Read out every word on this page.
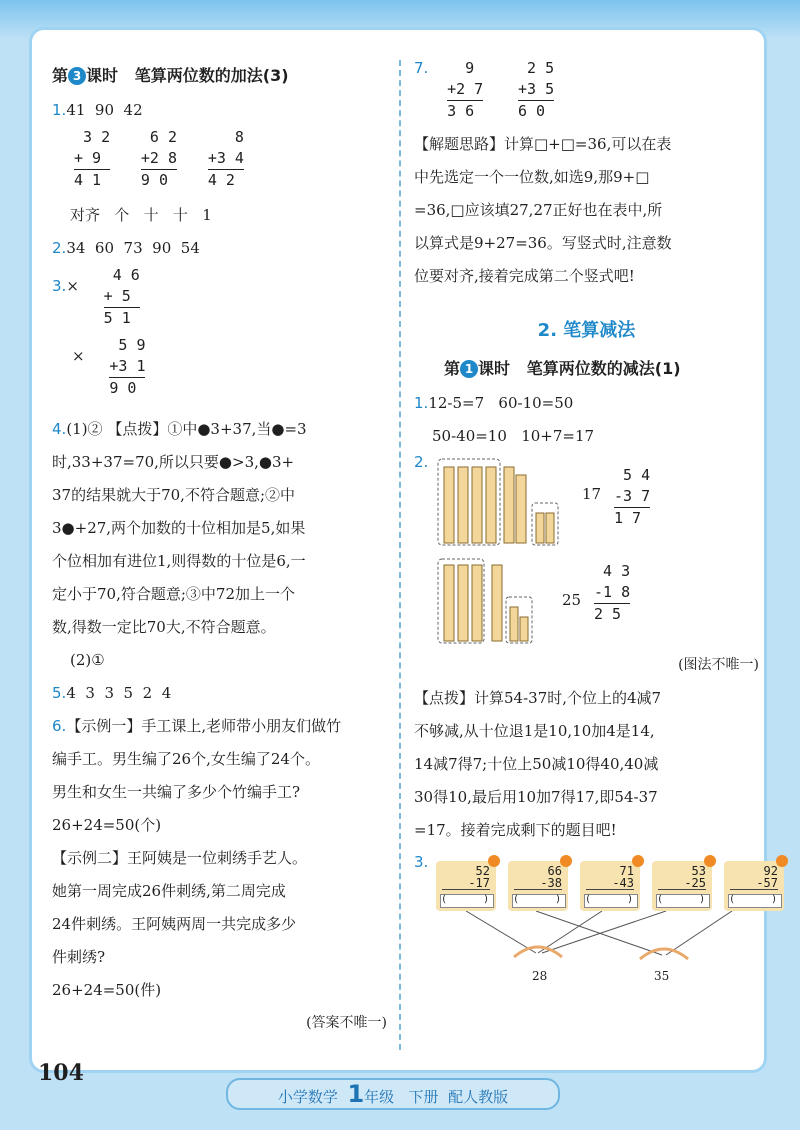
第 3 课时 笔算两位数的加法(3)
1.41  90  42
3 2
+ 9
4 1

6 2
+2 8
9 0

8
+3 4
4 2
对齐   个   十   十   1
2.34  60  73  90  54
3.×
4 6
+ 5
5 1
×
5 9
+3 1
9 0
4.(1)② 【点拨】①中●3+37,当●=3
时,33+37=70,所以只要●>3,●3+
37的结果就大于70,不符合题意;②中
3●+27,两个加数的十位相加是5,如果
个位相加有进位1,则得数的十位是6,一
定小于70,符合题意;③中72加上一个
数,得数一定比70大,不符合题意。
(2)①
5.4  3  3  5  2  4
6.【示例一】手工课上,老师带小朋友们做竹
编手工。男生编了26个,女生编了24个。
男生和女生一共编了多少个竹编手工?
26+24=50(个)
【示例二】王阿姨是一位刺绣手艺人。
她第一周完成26件刺绣,第二周完成
24件刺绣。王阿姨两周一共完成多少
件刺绣?
26+24=50(件)
(答案不唯一)
7. 9
+2 7
3 6

2 5
+3 5
6 0
【解题思路】计算□+□=36,可以在表
中先选定一个一位数,如选9,那9+□
=36,□应该填27,27正好也在表中,所
以算式是9+27=36。写竖式时,注意数
位要对齐,接着完成第二个竖式吧!
2. 笔算减法
第 1 课时 笔算两位数的减法(1)
1.12-5=7   60-10=50
50-40=10   10+7=17
2.
17
5 4
-3 7
1 7
25
4 3
-1 8
2 5
(图法不唯一)
【点拨】计算54-37时,个位上的4减7
不够减,从十位退1是10,10加4是14,
14减7得7;十位上50减10得40,40减
30得10,最后用10加7得17,即54-37
=17。接着完成剩下的题目吧!
3.	52
-17
(      )
66
-38
(      )
71
-43
(      )
53
-25
(      )
92
-57
(      )
28	35
104
小学数学 1年级 下册 配人教版
